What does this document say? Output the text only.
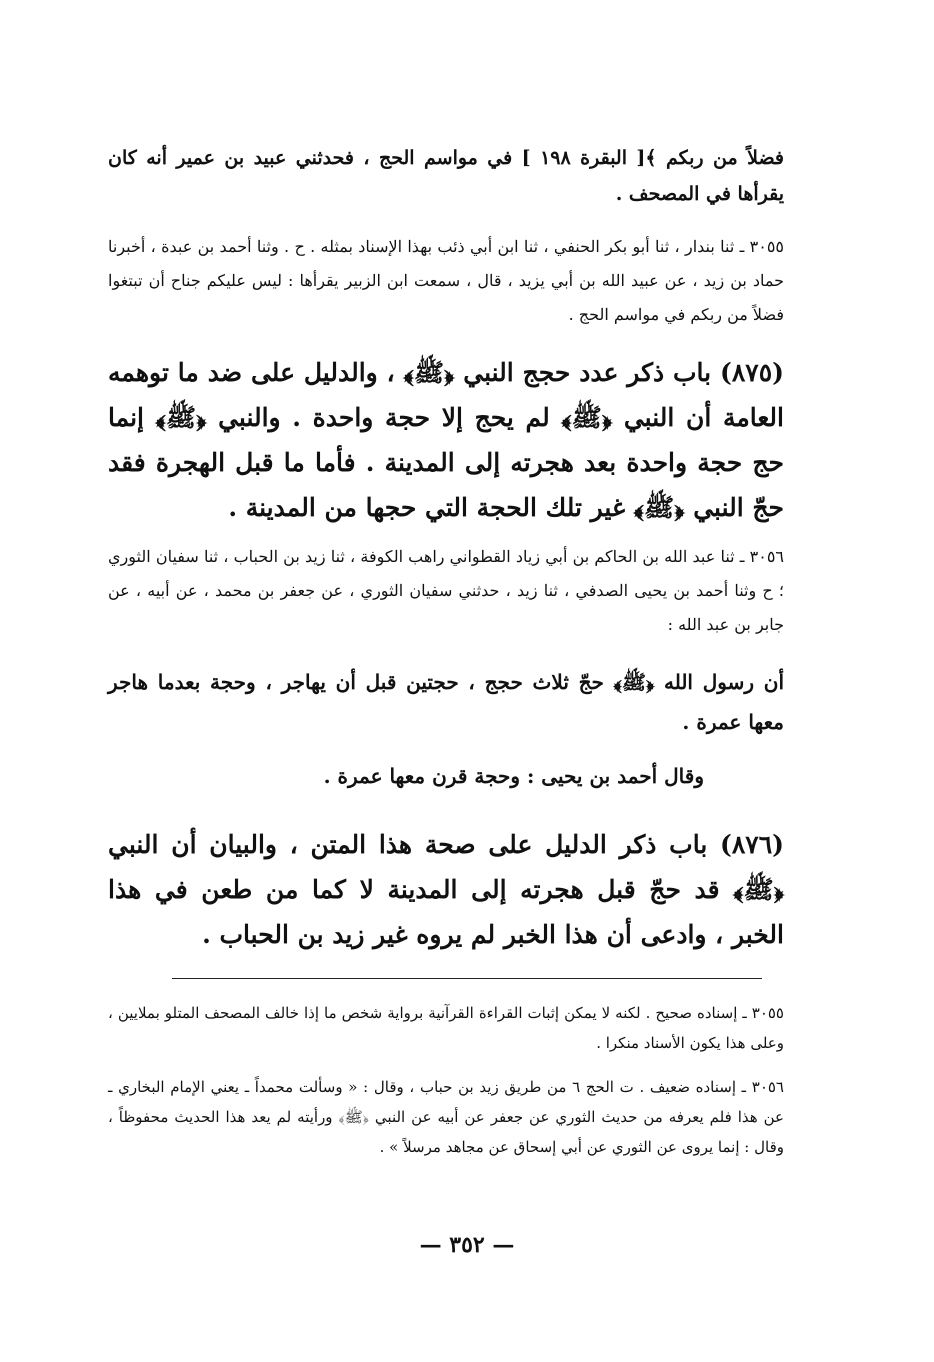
فضلاً من ربكم ﴾[ البقرة ١٩٨ ] في مواسم الحج ، فحدثني عبيد بن عمير أنه كان يقرأها في المصحف .

٣٠٥٥ ـ ثنا بندار ، ثنا أبو بكر الحنفي ، ثنا ابن أبي ذئب بهذا الإسناد بمثله . ح . وثنا أحمد بن عبدة ، أخبرنا حماد بن زيد ، عن عبيد الله بن أبي يزيد ، قال ، سمعت ابن الزبير يقرأها : ليس عليكم جناح أن تبتغوا فضلاً من ربكم في مواسم الحج .

(٨٧٥) باب ذكر عدد حجج النبي ﴿ﷺ﴾ ، والدليل على ضد ما توهمه العامة أن النبي ﴿ﷺ﴾ لم يحج إلا حجة واحدة . والنبي ﴿ﷺ﴾ إنما حج حجة واحدة بعد هجرته إلى المدينة . فأما ما قبل الهجرة فقد حجّ النبي ﴿ﷺ﴾ غير تلك الحجة التي حجها من المدينة .

٣٠٥٦ ـ ثنا عبد الله بن الحاكم بن أبي زياد القطواني راهب الكوفة ، ثنا زيد بن الحباب ، ثنا سفيان الثوري ؛ ح وثنا أحمد بن يحيى الصدفي ، ثنا زيد ، حدثني سفيان الثوري ، عن جعفر بن محمد ، عن أبيه ، عن جابر بن عبد الله :

أن رسول الله ﴿ﷺ﴾ حجّ ثلاث حجج ، حجتين قبل أن يهاجر ، وحجة بعدما هاجر معها عمرة .

وقال أحمد بن يحيى : وحجة قرن معها عمرة .

(٨٧٦) باب ذكر الدليل على صحة هذا المتن ، والبيان أن النبي ﴿ﷺ﴾ قد حجّ قبل هجرته إلى المدينة لا كما من طعن في هذا الخبر ، وادعى أن هذا الخبر لم يروه غير زيد بن الحباب .

٣٠٥٥ ـ إسناده صحيح . لكنه لا يمكن إثبات القراءة القرآنية برواية شخص ما إذا خالف المصحف المتلو بملايين ، وعلى هذا يكون الأسناد منكرا .

٣٠٥٦ ـ إسناده ضعيف . ت الحج ٦ من طريق زيد بن حباب ، وقال : « وسألت محمداً ـ يعني الإمام البخاري ـ عن هذا فلم يعرفه من حديث الثوري عن جعفر عن أبيه عن النبي ﴿ﷺ﴾ ورأيته لم يعد هذا الحديث محفوظاً ، وقال : إنما يروى عن الثوري عن أبي إسحاق عن مجاهد مرسلاً » .

— ٣٥٢ —
